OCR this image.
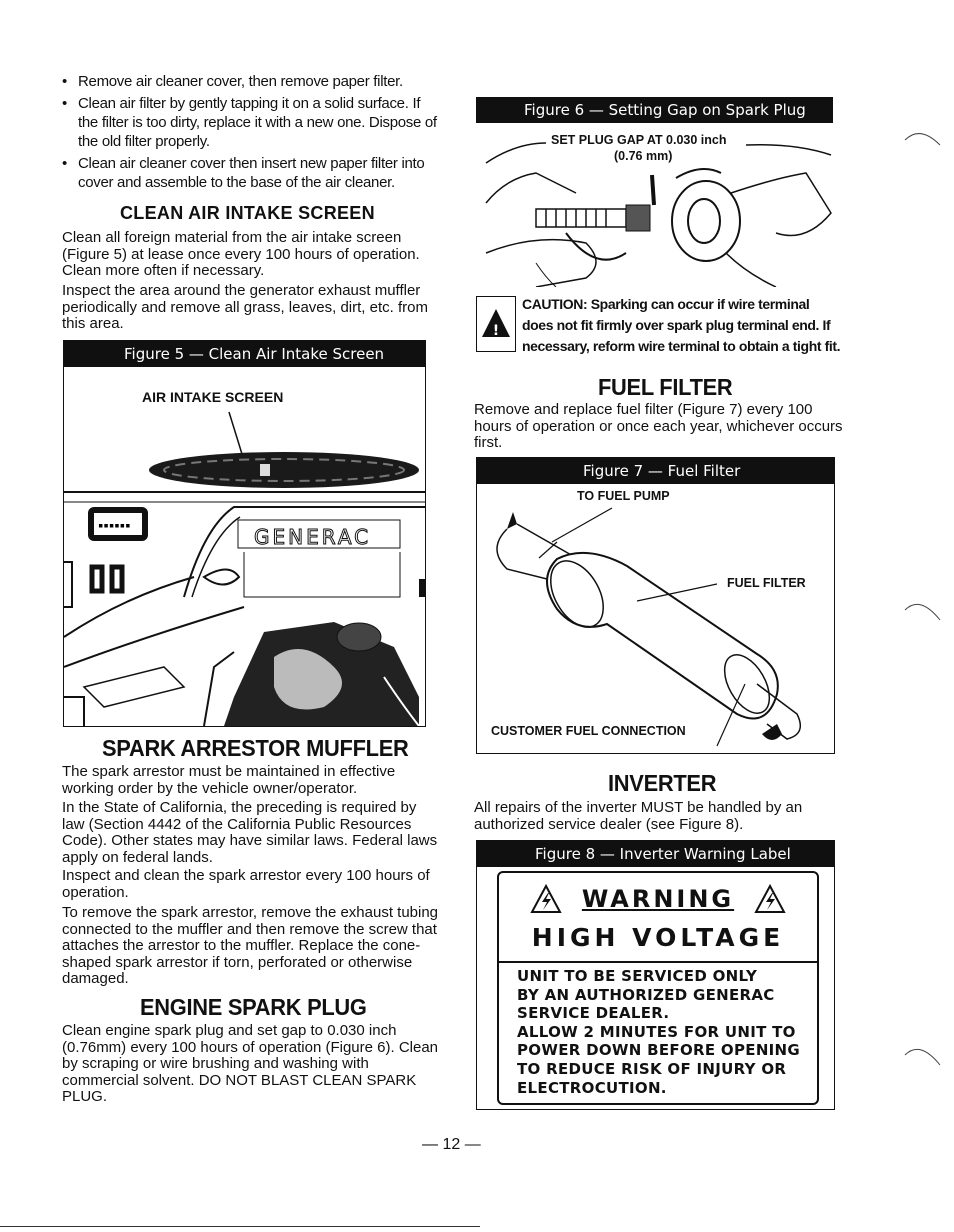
• Remove air cleaner cover, then remove paper filter.
• Clean air filter by gently tapping it on a solid surface. If the filter is too dirty, replace it with a new one. Dispose of the old filter properly.
• Clean air cleaner cover then insert new paper filter into cover and assemble to the base of the air cleaner.
CLEAN AIR INTAKE SCREEN
Clean all foreign material from the air intake screen (Figure 5) at lease once every 100 hours of operation. Clean more often if necessary.
Inspect the area around the generator exhaust muffler periodically and remove all grass, leaves, dirt, etc. from this area.
Figure 5 — Clean Air Intake Screen
AIR INTAKE SCREEN
▪▪▪▪▪▪	GENERAC
SPARK ARRESTOR MUFFLER
The spark arrestor must be maintained in effective working order by the vehicle owner/operator.
In the State of California, the preceding is required by law (Section 4442 of the California Public Resources Code). Other states may have similar laws. Federal laws apply on federal lands.
Inspect and clean the spark arrestor every 100 hours of operation.
To remove the spark arrestor, remove the exhaust tubing connected to the muffler and then remove the screw that attaches the arrestor to the muffler. Replace the cone-shaped spark arrestor if torn, perforated or otherwise damaged.
ENGINE SPARK PLUG
Clean engine spark plug and set gap to 0.030 inch (0.76mm) every 100 hours of operation (Figure 6). Clean by scraping or wire brushing and washing with commercial solvent. DO NOT BLAST CLEAN SPARK PLUG.
Figure 6 — Setting Gap on Spark Plug
SET PLUG GAP AT 0.030 inch
(0.76 mm)
!
CAUTION: Sparking can occur if wire terminal
does not fit firmly over spark plug terminal end. If
necessary, reform wire terminal to obtain a tight fit.
FUEL FILTER
Remove and replace fuel filter (Figure 7) every 100 hours of operation or once each year, whichever occurs first.
Figure 7 — Fuel Filter
TO FUEL PUMP
FUEL FILTER
CUSTOMER FUEL CONNECTION
INVERTER
All repairs of the inverter MUST be handled by an authorized service dealer (see Figure 8).
Figure 8 — Inverter Warning Label
WARNING
HIGH VOLTAGE
UNIT TO BE SERVICED ONLY
BY AN AUTHORIZED GENERAC
SERVICE DEALER.
ALLOW 2 MINUTES FOR UNIT TO
POWER DOWN BEFORE OPENING
TO REDUCE RISK OF INJURY OR
ELECTROCUTION.
— 12 —
